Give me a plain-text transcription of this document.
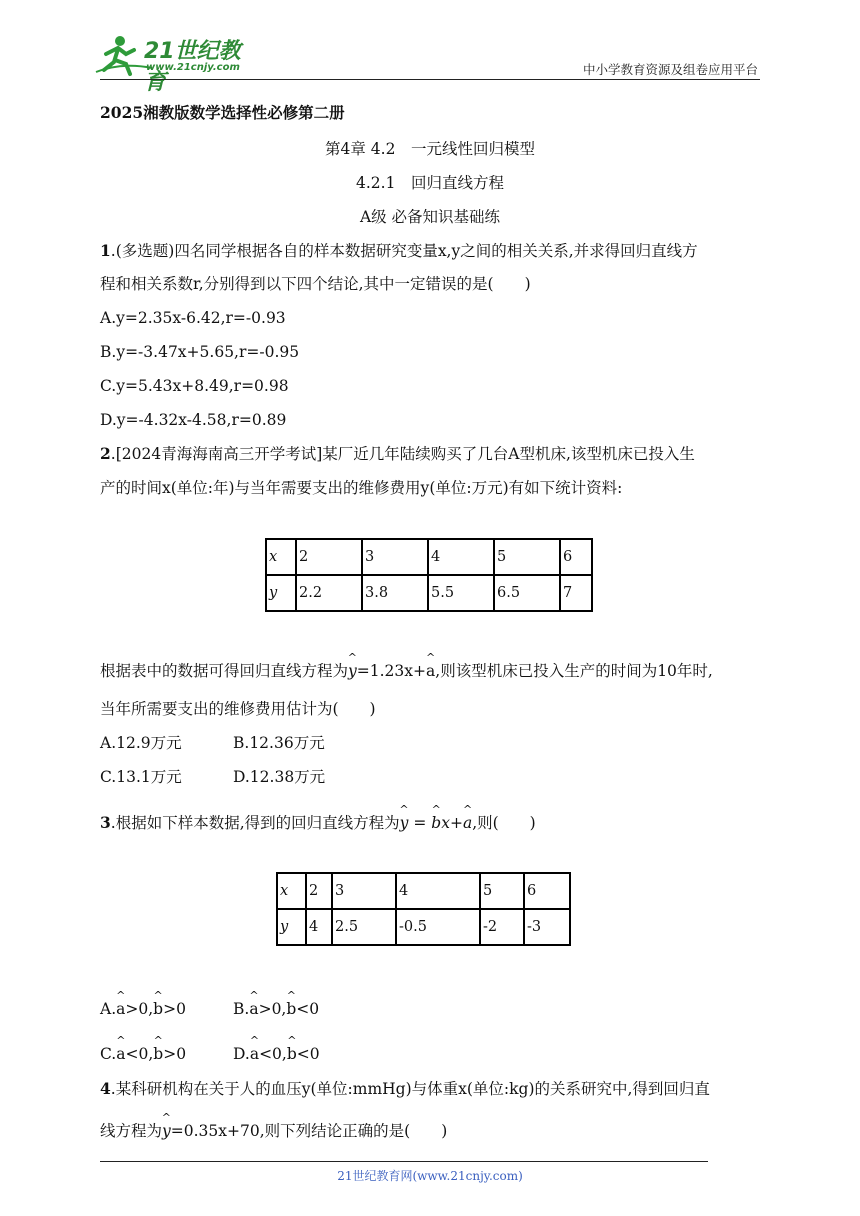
21世纪教育
www.21cnjy.com	中小学教育资源及组卷应用平台
2025湘教版数学选择性必修第二册
第4章 4.2　一元线性回归模型
4.2.1　回归直线方程
A级 必备知识基础练
1.(多选题)四名同学根据各自的样本数据研究变量x,y之间的相关关系,并求得回归直线方
程和相关系数r,分别得到以下四个结论,其中一定错误的是(　　)
A.y=2.35x-6.42,r=-0.93
B.y=-3.47x+5.65,r=-0.95
C.y=5.43x+8.49,r=0.98
D.y=-4.32x-4.58,r=0.89
2.[2024青海海南高三开学考试]某厂近几年陆续购买了几台A型机床,该型机床已投入生
产的时间x(单位:年)与当年需要支出的维修费用y(单位:万元)有如下统计资料:
x	2	3	4	5	6
y	2.2	3.8	5.5	6.5	7
根据表中的数据可得回归直线方程为^ y=1.23x+^ a,则该型机床已投入生产的时间为10年时,
当年所需要支出的维修费用估计为(　　)
A.12.9万元	B.12.36万元
C.13.1万元	D.12.38万元
3.根据如下样本数据,得到的回归直线方程为^ y = ^ bx+^ a,则(　　)
x	2	3	4	5	6
y	4	2.5	-0.5	-2	-3
A.^ a>0,^ b>0	B.^ a>0,^ b<0
C.^ a<0,^ b>0	D.^ a<0,^ b<0
4.某科研机构在关于人的血压y(单位:mmHg)与体重x(单位:kg)的关系研究中,得到回归直
线方程为^ y=0.35x+70,则下列结论正确的是(　　)
21世纪教育网(www.21cnjy.com)
